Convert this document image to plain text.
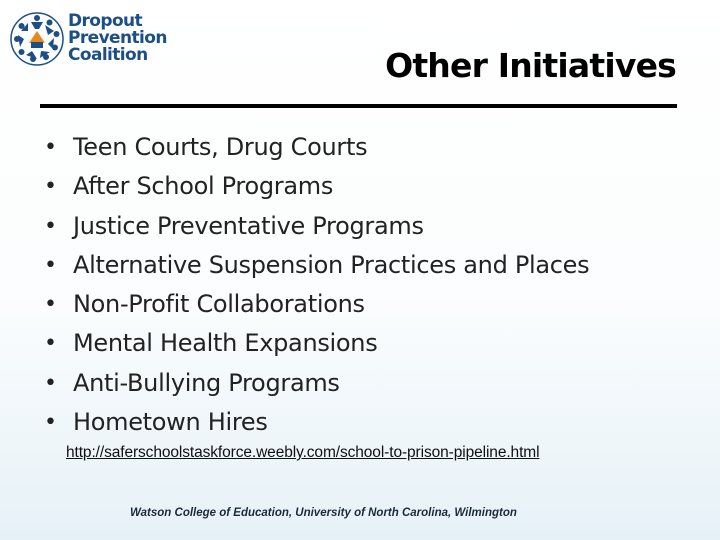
Dropout
Prevention
Coalition	Other Initiatives
• Teen Courts, Drug Courts
• After School Programs
• Justice Preventative Programs
• Alternative Suspension Practices and Places
• Non-Profit Collaborations
• Mental Health Expansions
• Anti-Bullying Programs
• Hometown Hires
http://saferschoolstaskforce.weebly.com/school-to-prison-pipeline.html
Watson College of Education, University of North Carolina, Wilmington
